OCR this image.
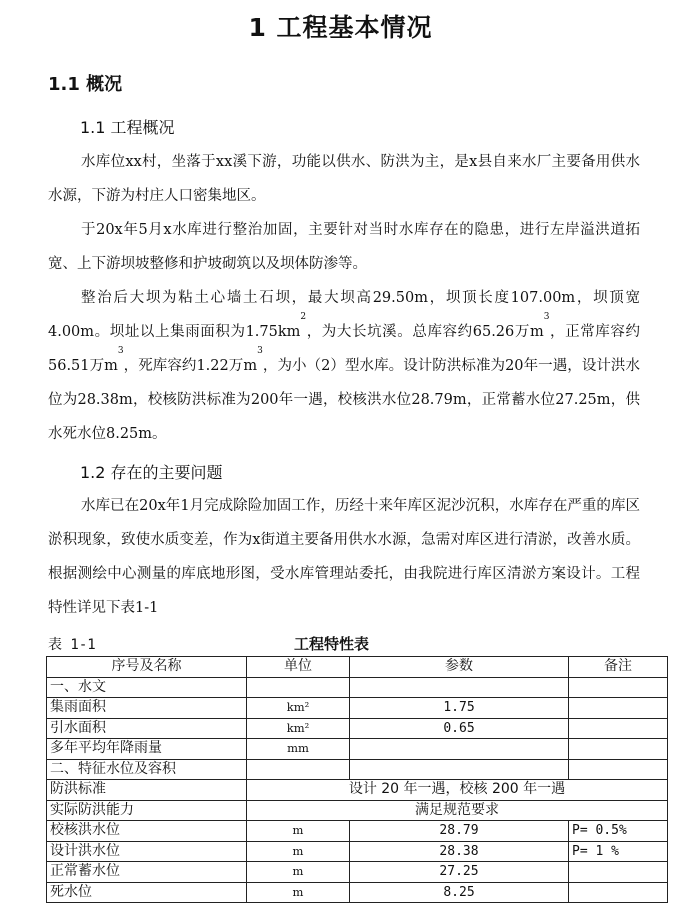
1 工程基本情况
1.1 概况
1.1 工程概况

水库位xx村，坐落于xx溪下游，功能以供水、防洪为主，是x县自来水厂主要备用供水水源，下游为村庄人口密集地区。

于20x年5月x水库进行整治加固，主要针对当时水库存在的隐患，进行左岸溢洪道拓宽、上下游坝坡整修和护坡砌筑以及坝体防渗等。

整治后大坝为粘土心墙土石坝，最大坝高29.50m，坝顶长度107.00m，坝顶宽4.00m。坝址以上集雨面积为$1.75km^2$，为大长坑溪。总库容约65.26万$m^3$，正常库容约56.51万$m^3$，死库容约1.22万$m^3$，为小（2）型水库。设计防洪标准为20年一遇，设计洪水位为28.38m，校核防洪标准为200年一遇，校核洪水位28.79m，正常蓄水位27.25m，供水死水位8.25m。

1.2 存在的主要问题

水库已在20x年1月完成除险加固工作，历经十来年库区泥沙沉积，水库存在严重的库区淤积现象，致使水质变差，作为x街道主要备用供水水源，急需对库区进行清淤，改善水质。根据测绘中心测量的库底地形图，受水库管理站委托，由我院进行库区清淤方案设计。工程特性详见下表1-1

表 1-1	工程特性表
序号及名称	单位	参数	备注
一、水文			
集雨面积	km²	1.75	
引水面积	km²	0.65	
多年平均年降雨量	mm		
二、特征水位及容积			
防洪标准	设计 20 年一遇，校核 200 年一遇		
实际防洪能力	满足规范要求		
校核洪水位	m	28.79	P= 0.5%
设计洪水位	m	28.38	P= 1 %
正常蓄水位	m	27.25	
死水位	m	8.25	
